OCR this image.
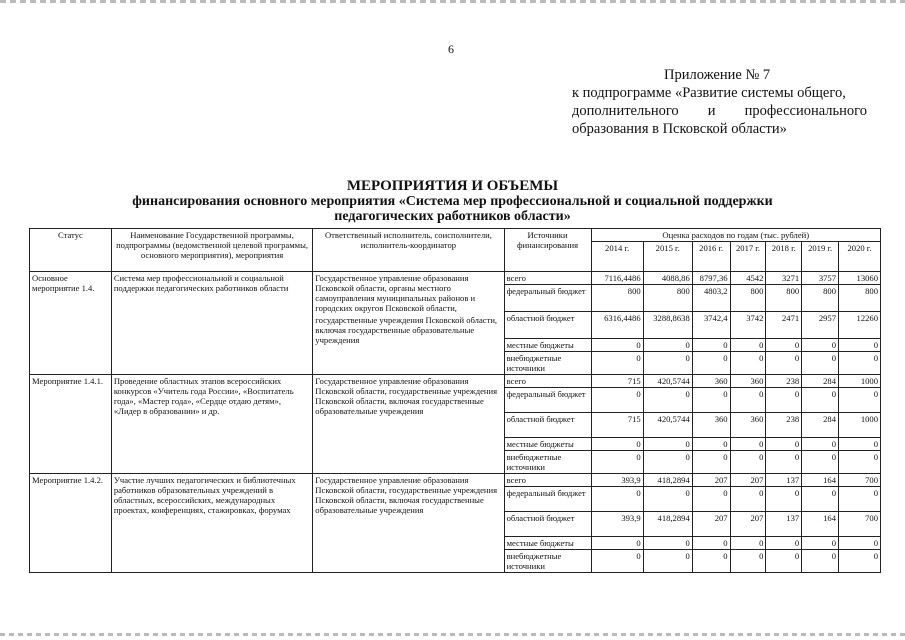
6
Приложение № 7
к подпрограмме «Развитие системы общего,
дополнительного и профессионального
образования в Псковской области»
МЕРОПРИЯТИЯ И ОБЪЕМЫ
финансирования основного мероприятия «Система мер профессиональной и социальной поддержки
педагогических работников области»
Статус	Наименование Государственной программы, подпрограммы (ведомственной целевой программы, основного мероприятия), мероприятия	Ответственный исполнитель, соисполнители, исполнитель-координатор	Источники финансирования	Оценка расходов по годам (тыс. рублей)						
				2014 г.	2015 г.	2016 г.	2017 г.	2018 г.	2019 г.	2020 г.
Основное мероприятие 1.4.	Система мер профессиональной и социальной поддержки педагогических работников области	Государственное управление образования Псковской области, органы местного самоуправления муниципальных районов и городских округов Псковской области,
государственные учреждения Псковской области, включая государственные образовательные учреждения	всего	7116,4486	4088,86	8797,36	4542	3271	3757	13060
			федеральный бюджет	800	800	4803,2	800	800	800	800
			областной бюджет	6316,4486	3288,8638	3742,4	3742	2471	2957	12260
			местные бюджеты	0	0	0	0	0	0	0
			внебюджетные источники	0	0	0	0	0	0	0
Мероприятие 1.4.1.	Проведение областных этапов всероссийских конкурсов «Учитель года России», «Воспитатель года», «Мастер года», «Сердце отдаю детям», «Лидер в образовании» и др.	Государственное управление образования Псковской области, государственные учреждения Псковской области, включая государственные образовательные учреждения	всего	715	420,5744	360	360	238	284	1000
			федеральный бюджет	0	0	0	0	0	0	0
			областной бюджет	715	420,5744	360	360	238	284	1000
			местные бюджеты	0	0	0	0	0	0	0
			внебюджетные источники	0	0	0	0	0	0	0
Мероприятие 1.4.2.	Участие лучших педагогических и библиотечных работников образовательных учреждений в областных, всероссийских, международных проектах, конференциях, стажировках, форумах	Государственное управление образования Псковской области, государственные учреждения Псковской области, включая государственные образовательные учреждения	всего	393,9	418,2894	207	207	137	164	700
			федеральный бюджет	0	0	0	0	0	0	0
			областной бюджет	393,9	418,2894	207	207	137	164	700
			местные бюджеты	0	0	0	0	0	0	0
			внебюджетные источники	0	0	0	0	0	0	0
